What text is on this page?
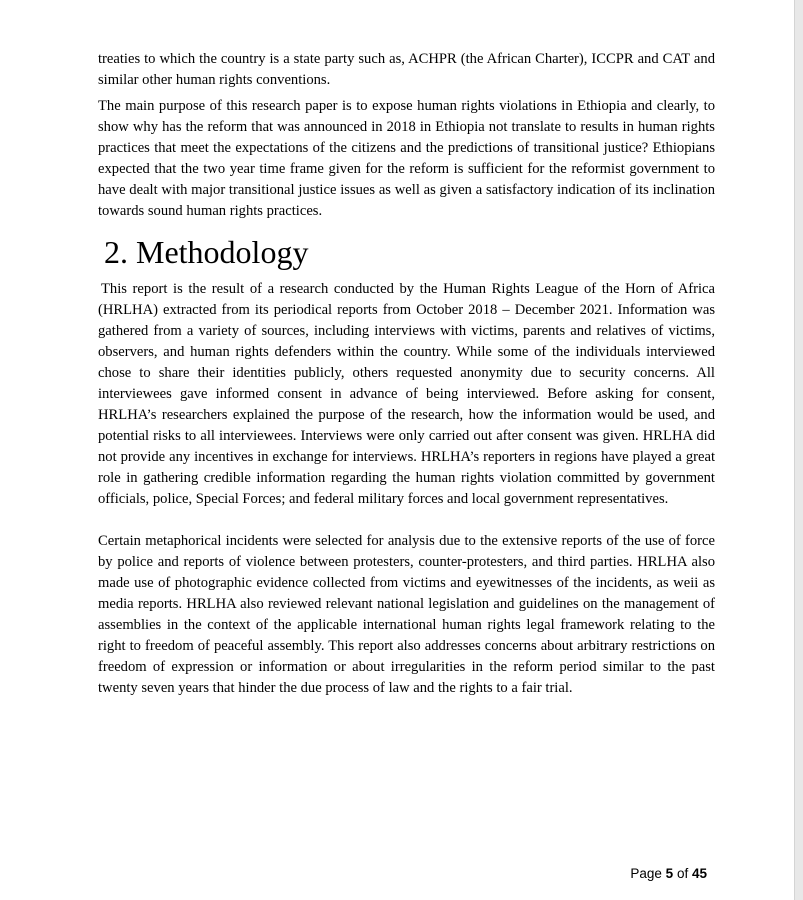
treaties to which the country is a state party such as, ACHPR (the African Charter), ICCPR and CAT and similar other human rights conventions.

The main purpose of this research paper is to expose human rights violations in Ethiopia and clearly, to show why has the reform that was announced in 2018 in Ethiopia not translate to results in human rights practices that meet the expectations of the citizens and the predictions of transitional justice? Ethiopians expected that the two year time frame given for the reform is sufficient for the reformist government to have dealt with major transitional justice issues as well as given a satisfactory indication of its inclination towards sound human rights practices.

2. Methodology

This report is the result of a research conducted by the Human Rights League of the Horn of Africa (HRLHA) extracted from its periodical reports from October 2018 – December 2021. Information was gathered from a variety of sources, including interviews with victims, parents and relatives of victims, observers, and human rights defenders within the country. While some of the individuals interviewed chose to share their identities publicly, others requested anonymity due to security concerns. All interviewees gave informed consent in advance of being interviewed. Before asking for consent, HRLHA’s researchers explained the purpose of the research, how the information would be used, and potential risks to all interviewees. Interviews were only carried out after consent was given. HRLHA did not provide any incentives in exchange for interviews. HRLHA’s reporters in regions have played a great role in gathering credible information regarding the human rights violation committed by government officials, police, Special Forces; and federal military forces and local government representatives.

Certain metaphorical incidents were selected for analysis due to the extensive reports of the use of force by police and reports of violence between protesters, counter-protesters, and third parties. HRLHA also made use of photographic evidence collected from victims and eyewitnesses of the incidents, as weii as media reports. HRLHA also reviewed relevant national legislation and guidelines on the management of assemblies in the context of the applicable international human rights legal framework relating to the right to freedom of peaceful assembly. This report also addresses concerns about arbitrary restrictions on freedom of expression or information or about irregularities in the reform period similar to the past twenty seven years that hinder the due process of law and the rights to a fair trial.

Page 5 of 45
